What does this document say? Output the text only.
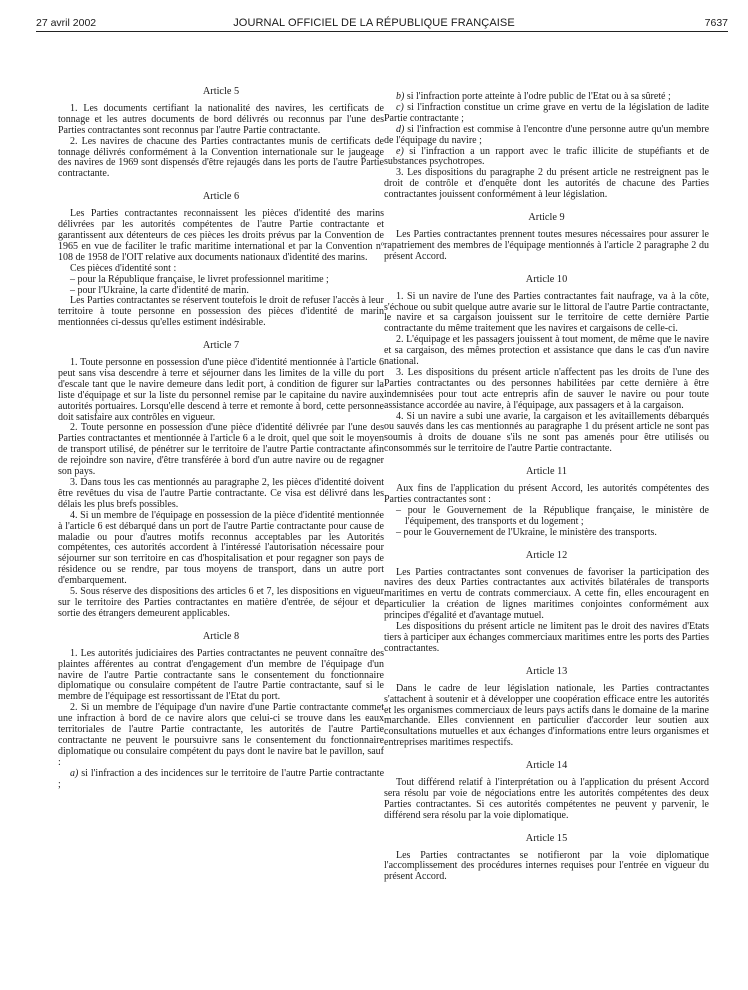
27 avril 2002	JOURNAL OFFICIEL DE LA RÉPUBLIQUE FRANÇAISE	7637
Article 5

1. Les documents certifiant la nationalité des navires, les certificats de tonnage et les autres documents de bord délivrés ou reconnus par l'une des Parties contractantes sont reconnus par l'autre Partie contractante.

2. Les navires de chacune des Parties contractantes munis de certificats de tonnage délivrés conformément à la Convention internationale sur le jaugeage des navires de 1969 sont dispensés d'être rejaugés dans les ports de l'autre Partie contractante.

Article 6

Les Parties contractantes reconnaissent les pièces d'identité des marins délivrées par les autorités compétentes de l'autre Partie contractante et garantissent aux détenteurs de ces pièces les droits prévus par la Convention de 1965 en vue de faciliter le trafic maritime international et par la Convention nº 108 de 1958 de l'OIT relative aux documents nationaux d'identité des marins.

Ces pièces d'identité sont :

– pour la République française, le livret professionnel maritime ;
– pour l'Ukraine, la carte d'identité de marin.

Les Parties contractantes se réservent toutefois le droit de refuser l'accès à leur territoire à toute personne en possession des pièces d'identité de marin mentionnées ci-dessus qu'elles estiment indésirable.

Article 7

1. Toute personne en possession d'une pièce d'identité mentionnée à l'article 6 peut sans visa descendre à terre et séjourner dans les limites de la ville du port d'escale tant que le navire demeure dans ledit port, à condition de figurer sur la liste d'équipage et sur la liste du personnel remise par le capitaine du navire aux autorités portuaires. Lorsqu'elle descend à terre et remonte à bord, cette personne doit satisfaire aux contrôles en vigueur.

2. Toute personne en possession d'une pièce d'identité délivrée par l'une des Parties contractantes et mentionnée à l'article 6 a le droit, quel que soit le moyen de transport utilisé, de pénétrer sur le territoire de l'autre Partie contractante afin de rejoindre son navire, d'être transférée à bord d'un autre navire ou de regagner son pays.

3. Dans tous les cas mentionnés au paragraphe 2, les pièces d'identité doivent être revêtues du visa de l'autre Partie contractante. Ce visa est délivré dans les délais les plus brefs possibles.

4. Si un membre de l'équipage en possession de la pièce d'identité mentionnée à l'article 6 est débarqué dans un port de l'autre Partie contractante pour cause de maladie ou pour d'autres motifs reconnus acceptables par les Autorités compétentes, ces autorités accordent à l'intéressé l'autorisation nécessaire pour séjourner sur son territoire en cas d'hospitalisation et pour regagner son pays de résidence ou se rendre, par tous moyens de transport, dans un autre port d'embarquement.

5. Sous réserve des dispositions des articles 6 et 7, les dispositions en vigueur sur le territoire des Parties contractantes en matière d'entrée, de séjour et de sortie des étrangers demeurent applicables.

Article 8

1. Les autorités judiciaires des Parties contractantes ne peuvent connaître des plaintes afférentes au contrat d'engagement d'un membre de l'équipage d'un navire de l'autre Partie contractante sans le consentement du fonctionnaire diplomatique ou consulaire compétent de l'autre Partie contractante, sauf si le membre de l'équipage est ressortissant de l'Etat du port.

2. Si un membre de l'équipage d'un navire d'une Partie contractante commet une infraction à bord de ce navire alors que celui-ci se trouve dans les eaux territoriales de l'autre Partie contractante, les autorités de l'autre Partie contractante ne peuvent le poursuivre sans le consentement du fonctionnaire diplomatique ou consulaire compétent du pays dont le navire bat le pavillon, sauf :

a) si l'infraction a des incidences sur le territoire de l'autre Partie contractante ;

b) si l'infraction porte atteinte à l'odre public de l'Etat ou à sa sûreté ;

c) si l'infraction constitue un crime grave en vertu de la législation de ladite Partie contractante ;

d) si l'infraction est commise à l'encontre d'une personne autre qu'un membre de l'équipage du navire ;

e) si l'infraction a un rapport avec le trafic illicite de stupéfiants et de substances psychotropes.

3. Les dispositions du paragraphe 2 du présent article ne restreignent pas le droit de contrôle et d'enquête dont les autorités de chacune des Parties contractantes jouissent conformément à leur législation.

Article 9

Les Parties contractantes prennent toutes mesures nécessaires pour assurer le rapatriement des membres de l'équipage mentionnés à l'article 2 paragraphe 2 du présent Accord.

Article 10

1. Si un navire de l'une des Parties contractantes fait naufrage, va à la côte, s'échoue ou subit quelque autre avarie sur le littoral de l'autre Partie contractante, le navire et sa cargaison jouissent sur le territoire de cette dernière Partie contractante du même traitement que les navires et cargaisons de celle-ci.

2. L'équipage et les passagers jouissent à tout moment, de même que le navire et sa cargaison, des mêmes protection et assistance que dans le cas d'un navire national.

3. Les dispositions du présent article n'affectent pas les droits de l'une des Parties contractantes ou des personnes habilitées par cette dernière à être indemnisées pour tout acte entrepris afin de sauver le navire ou pour toute assistance accordée au navire, à l'équipage, aux passagers et à la cargaison.

4. Si un navire a subi une avarie, la cargaison et les avitaillements débarqués ou sauvés dans les cas mentionnés au paragraphe 1 du présent article ne sont pas soumis à droits de douane s'ils ne sont pas amenés pour être utilisés ou consommés sur le territoire de l'autre Partie contractante.

Article 11

Aux fins de l'application du présent Accord, les autorités compétentes des Parties contractantes sont :

– pour le Gouvernement de la République française, le ministère de l'équipement, des transports et du logement ;
– pour le Gouvernement de l'Ukraine, le ministère des transports.
Article 12

Les Parties contractantes sont convenues de favoriser la participation des navires des deux Parties contractantes aux activités bilatérales de transports maritimes en vertu de contrats commerciaux. A cette fin, elles encouragent en particulier la création de lignes maritimes conjointes conformément aux principes d'égalité et d'avantage mutuel.

Les dispositions du présent article ne limitent pas le droit des navires d'Etats tiers à participer aux échanges commerciaux maritimes entre les ports des Parties contractantes.

Article 13

Dans le cadre de leur législation nationale, les Parties contractantes s'attachent à soutenir et à développer une coopération efficace entre les autorités et les organismes commerciaux de leurs pays actifs dans le domaine de la marine marchande. Elles conviennent en particulier d'accorder leur soutien aux consultations mutuelles et aux échanges d'informations entre leurs organismes et entreprises maritimes respectifs.

Article 14

Tout différend relatif à l'interprétation ou à l'application du présent Accord sera résolu par voie de négociations entre les autorités compétentes des deux Parties contractantes. Si ces autorités compétentes ne peuvent y parvenir, le différend sera résolu par la voie diplomatique.

Article 15

Les Parties contractantes se notifieront par la voie diplomatique l'accomplissement des procédures internes requises pour l'entrée en vigueur du présent Accord.
